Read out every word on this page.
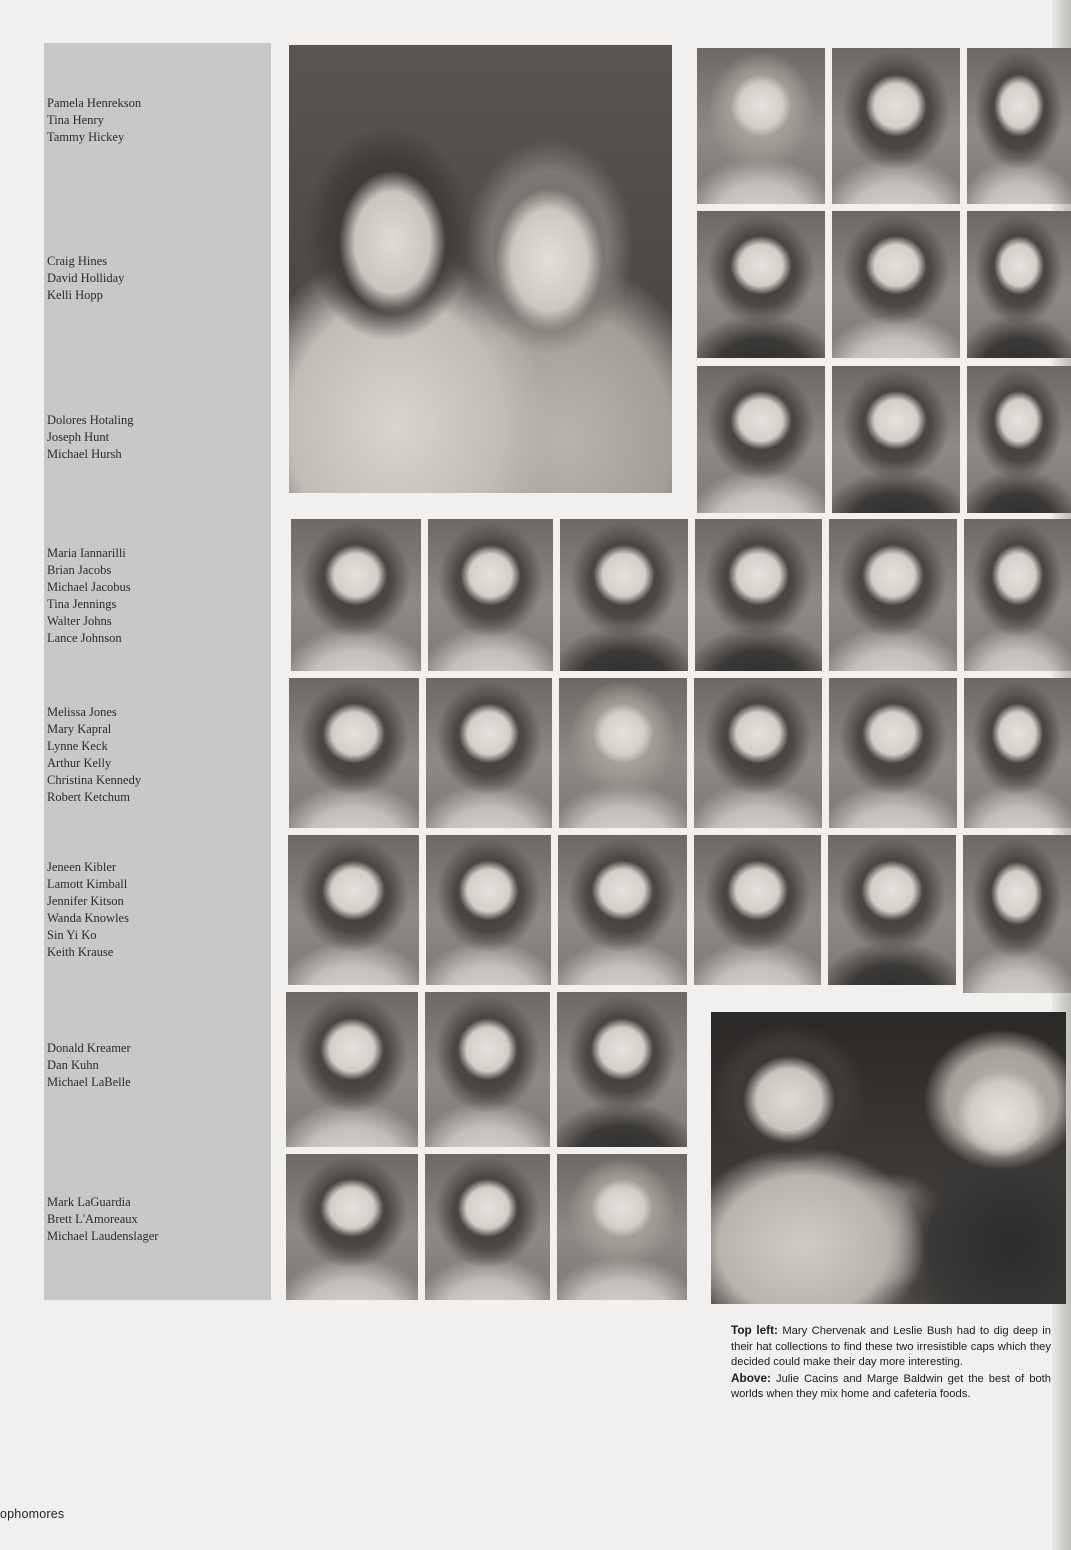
Pamela Henrekson
Tina Henry
Tammy Hickey
Craig Hines
David Holliday
Kelli Hopp
Dolores Hotaling
Joseph Hunt
Michael Hursh
Maria Iannarilli
Brian Jacobs
Michael Jacobus
Tina Jennings
Walter Johns
Lance Johnson
Melissa Jones
Mary Kapral
Lynne Keck
Arthur Kelly
Christina Kennedy
Robert Ketchum
Jeneen Kibler
Lamott Kimball
Jennifer Kitson
Wanda Knowles
Sin Yi Ko
Keith Krause
Donald Kreamer
Dan Kuhn
Michael LaBelle
Mark LaGuardia
Brett L'Amoreaux
Michael Laudenslager

Top left: Mary Chervenak and Leslie Bush had to dig deep in their hat collections to find these two irresistible caps which they decided could make their day more interesting.

Above: Julie Cacins and Marge Baldwin get the best of both worlds when they mix home and cafeteria foods.

ophomores
